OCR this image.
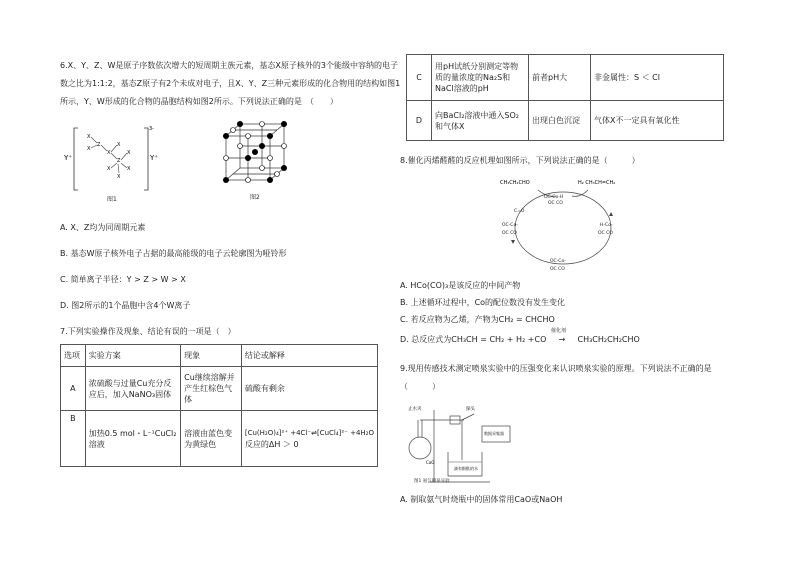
6.X、Y、Z、W是原子序数依次增大的短周期主族元素，基态X原子核外的3个能级中容纳的电子
数之比为1:1:2，基态Z原子有2个未成对电子，且X、Y、Z三种元素形成的化合物用的结构如图1
所示，Y、W形成的化合物的晶胞结构如图2所示。下列说法正确的是　（　　）
Y⁺
3-
Y⁺
X
X
Z
X
X
Z
X
X	X
X
图1	图2
A. X、Z均为同周期元素
B. 基态W原子核外电子占据的最高能级的电子云轮廓图为哑铃形
C. 简单离子半径：Y > Z > W > X
D. 图2所示的1个晶胞中含4个W离子
7.下列实验操作及现象、结论有误的一项是（　）
选项	实验方案	现象	结论或解释
A	浓硫酸与过量Cu充分反应后，加入NaNO₃固体	Cu继续溶解并产生红棕色气体	硫酸有剩余
B	加热0.5 mol・L⁻¹CuCl₂溶液	溶液由蓝色变为黄绿色	[Cu(H₂O)₄]²⁺ +4Cl⁻⇌[CuCl₄]²⁻ +4H₂O
反应的ΔH ＞ 0
C	用pH试纸分别测定等物质的量浓度的Na₂S和NaCl溶液的pH	前者pH大	非金属性：S ＜ Cl
D	向BaCl₂溶液中通入SO₂和气体X	出现白色沉淀	气体X不一定具有氧化性
8.催化丙烯醛醛的反应机理如图所示，下列说法正确的是（　　　）
CH₃CH₂CHO	H₂ CH₃CH=CH₂
OC-Co-H
OC CO
H-Co-
OC CO
OC-Co-
OC CO
OC-Co-
OC CO
C=O
A. HCo(CO)₃是该反应的中间产物
B. 上述循环过程中，Co的配位数没有发生变化
C. 若反应物为乙烯，产物为CH₂ = CHCHO
D. 总反应式为CH₃CH = CH₂ + H₂ +CO
催化剂
→ CH₃CH₂CH₂CHO
9.现用传感技术测定喷泉实验中的压强变化来认识喷泉实验的原理。下列说法不正确的是
（　　　）
止水夹	探头
数据采集器
滴有酚酞的水
CaO
图1 氨气喷泉实验
A. 制取氨气时烧瓶中的固体常用CaO或NaOH
